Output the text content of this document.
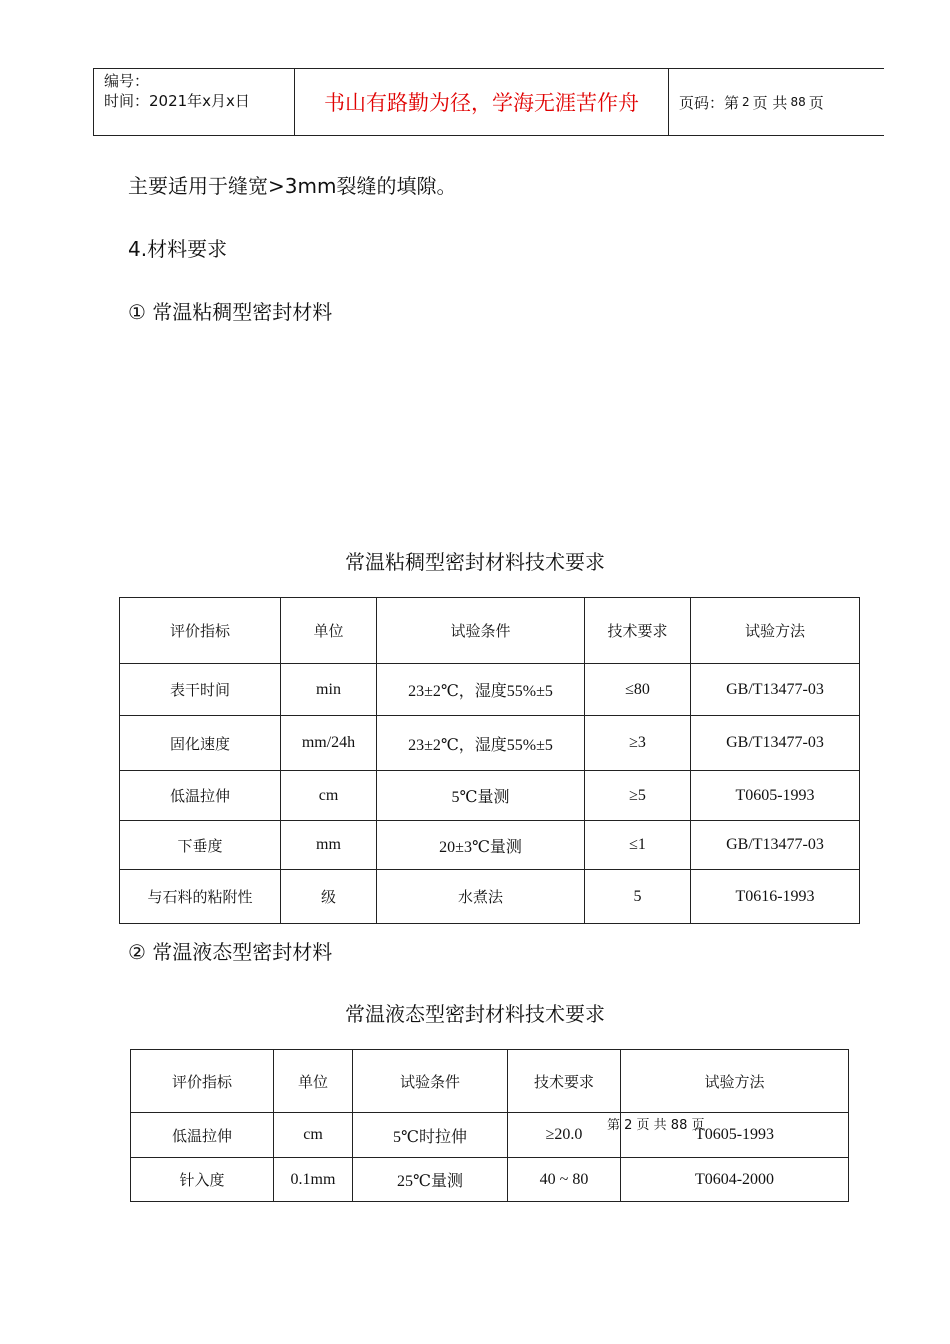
编号：
时间：2021年x月x日	书山有路勤为径，学海无涯苦作舟	页码：第 2 页 共 88 页
主要适用于缝宽>3mm裂缝的填隙。
4.材料要求
① 常温粘稠型密封材料
常温粘稠型密封材料技术要求
评价指标	单位	试验条件	技术要求	试验方法
表干时间	min	23±2℃，湿度55%±5	≤80	GB/T13477-03
固化速度	mm/24h	23±2℃，湿度55%±5	≥3	GB/T13477-03
低温拉伸	cm	5℃量测	≥5	T0605-1993
下垂度	mm	20±3℃量测	≤1	GB/T13477-03
与石料的粘附性	级	水煮法	5	T0616-1993
② 常温液态型密封材料
常温液态型密封材料技术要求
评价指标	单位	试验条件	技术要求	试验方法
低温拉伸	cm	5℃时拉伸	≥20.0	T0605-1993
针入度	0.1mm	25℃量测	40 ~ 80	T0604-2000
第 2 页 共 88 页
